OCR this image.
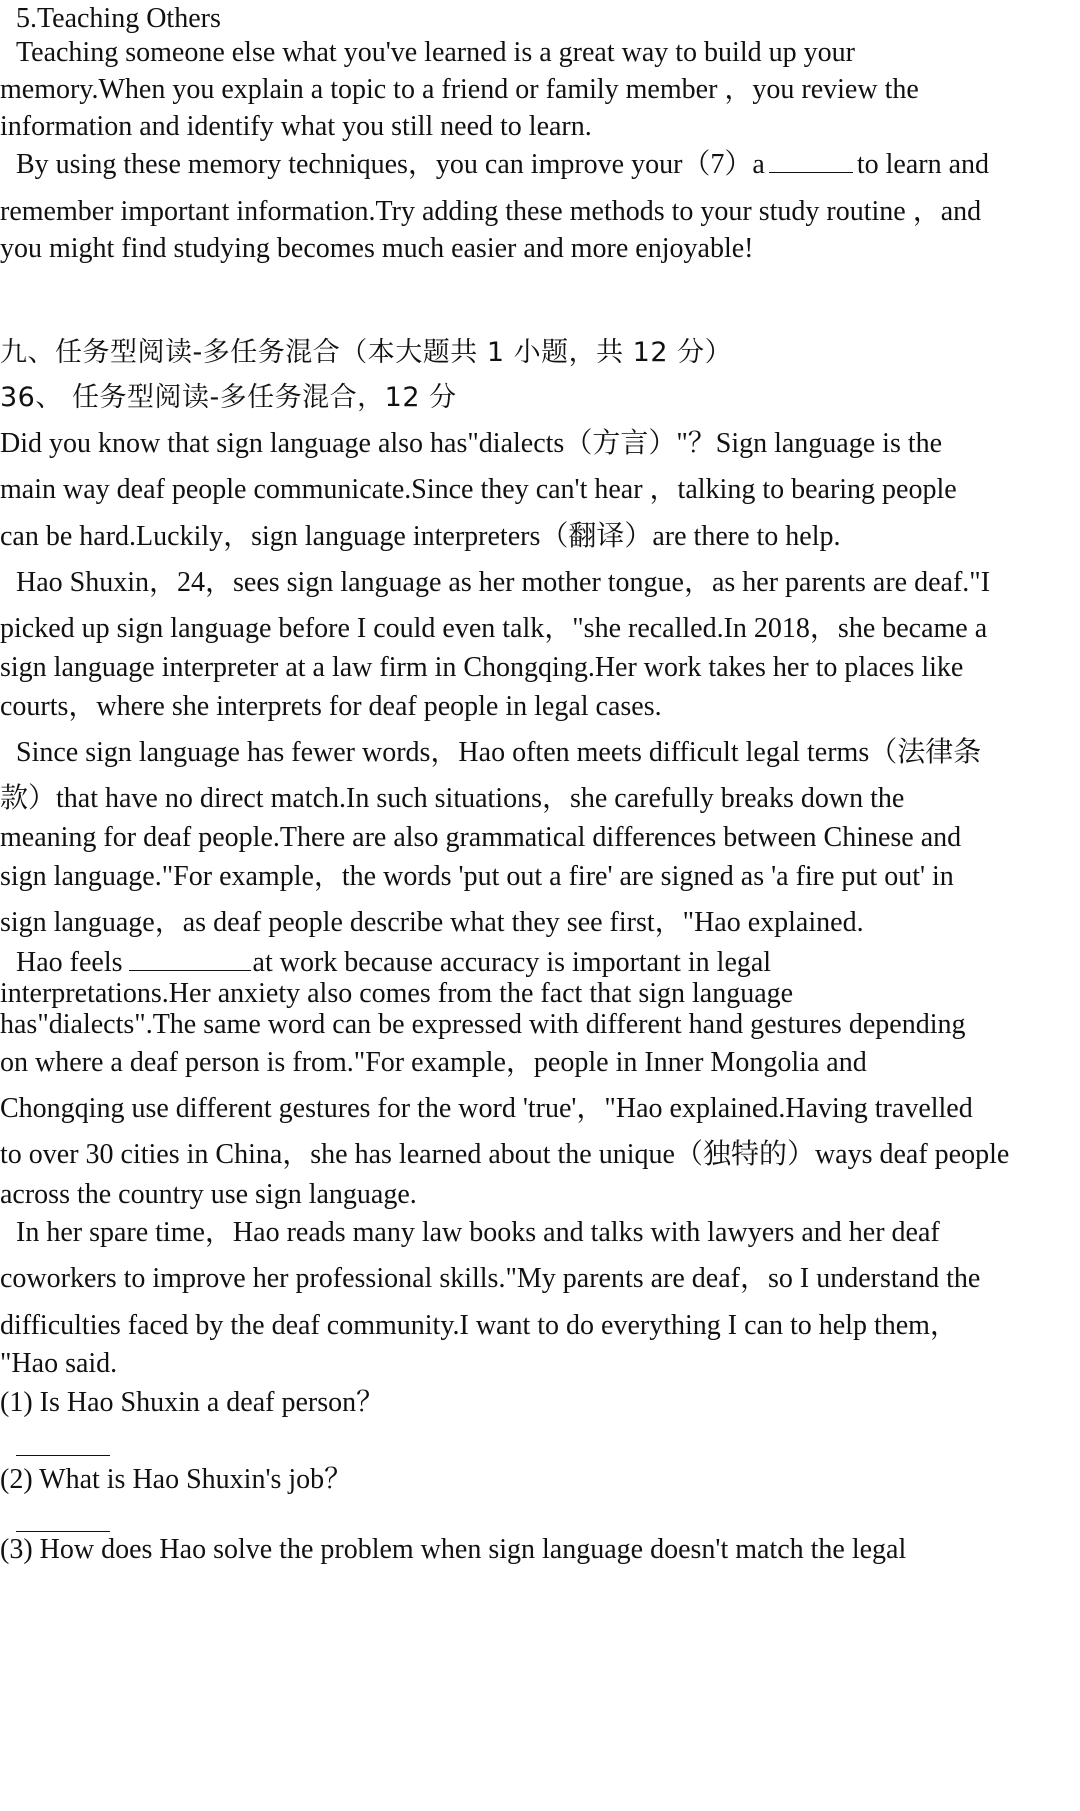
5.Teaching Others
Teaching someone else what you've learned is a great way to build up your
memory.When you explain a topic to a friend or family member ，you review the
information and identify what you still need to learn.
By using these memory techniques，you can improve your（7）a	to learn and
remember important information.Try adding these methods to your study routine ，and
you might find studying becomes much easier and more enjoyable!
九、任务型阅读-多任务混合（本大题共 1 小题，共 12 分）
36、 任务型阅读-多任务混合，12 分
Did you know that sign language also has"dialects（方言）"？Sign language is the
main way deaf people communicate.Since they can't hear ，talking to bearing people
can be hard.Luckily，sign language interpreters（翻译）are there to help.
Hao Shuxin，24，sees sign language as her mother tongue，as her parents are deaf."I
picked up sign language before I could even talk，"she recalled.In 2018，she became a
sign language interpreter at a law firm in Chongqing.Her work takes her to places like
courts，where she interprets for deaf people in legal cases.
Since sign language has fewer words，Hao often meets difficult legal terms（法律条
款）that have no direct match.In such situations，she carefully breaks down the
meaning for deaf people.There are also grammatical differences between Chinese and
sign language."For example，the words 'put out a fire' are signed as 'a fire put out' in
sign language，as deaf people describe what they see first，"Hao explained.
Hao feels	at work because accuracy is important in legal
interpretations.Her anxiety also comes from the fact that sign language
has"dialects".The same word can be expressed with different hand gestures depending
on where a deaf person is from."For example，people in Inner Mongolia and
Chongqing use different gestures for the word 'true'，"Hao explained.Having travelled
to over 30 cities in China，she has learned about the unique（独特的）ways deaf people
across the country use sign language.
In her spare time，Hao reads many law books and talks with lawyers and her deaf
coworkers to improve her professional skills."My parents are deaf，so I understand the
difficulties faced by the deaf community.I want to do everything I can to help them，
"Hao said.
(1) Is Hao Shuxin a deaf person？
(2) What is Hao Shuxin's job？
(3) How does Hao solve the problem when sign language doesn't match the legal
